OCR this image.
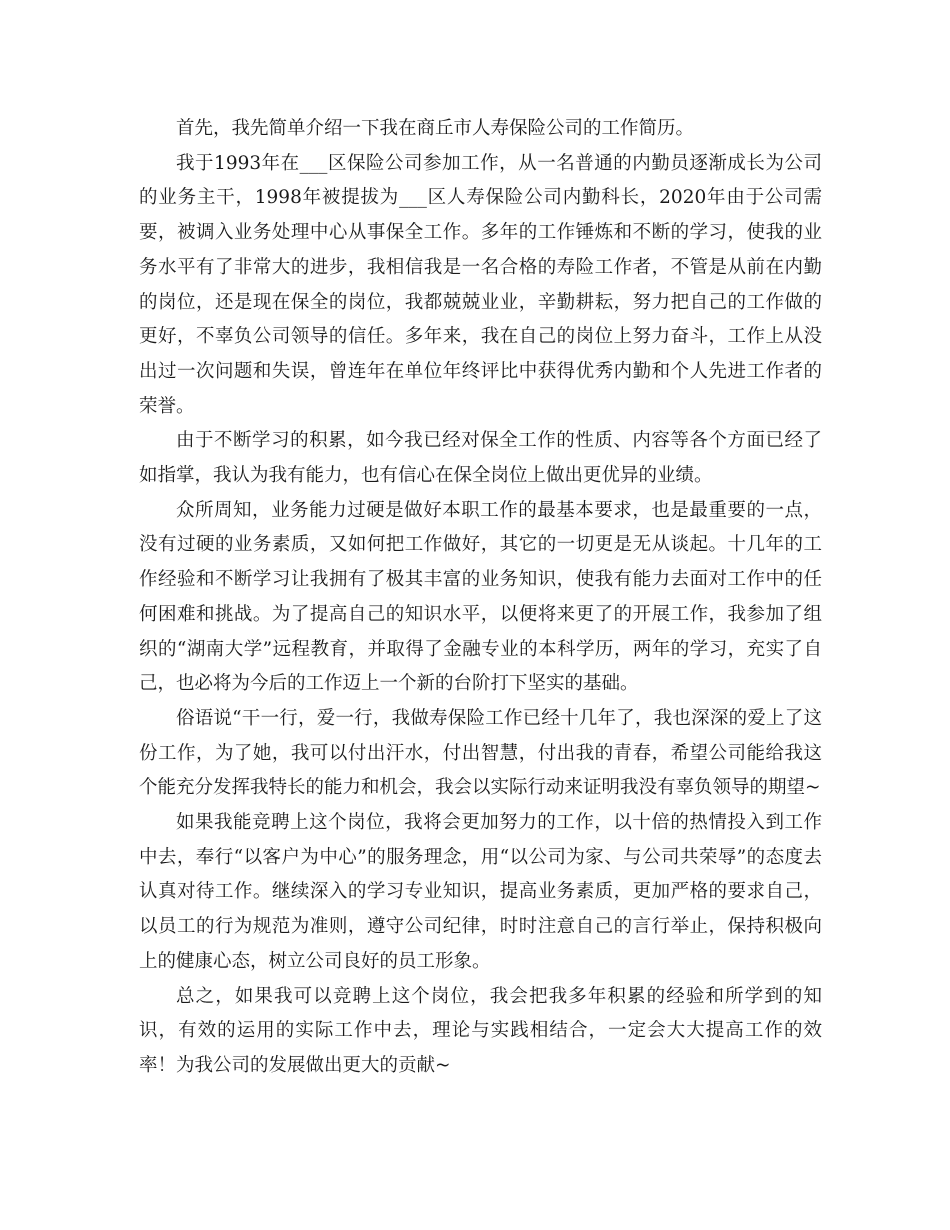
首先，我先简单介绍一下我在商丘市人寿保险公司的工作简历。

我于1993年在___区保险公司参加工作，从一名普通的内勤员逐渐成长为公司的业务主干，1998年被提拔为___区人寿保险公司内勤科长，2020年由于公司需要，被调入业务处理中心从事保全工作。多年的工作锤炼和不断的学习，使我的业务水平有了非常大的进步，我相信我是一名合格的寿险工作者，不管是从前在内勤的岗位，还是现在保全的岗位，我都兢兢业业，辛勤耕耘，努力把自己的工作做的更好，不辜负公司领导的信任。多年来，我在自己的岗位上努力奋斗，工作上从没出过一次问题和失误，曾连年在单位年终评比中获得优秀内勤和个人先进工作者的荣誉。

由于不断学习的积累，如今我已经对保全工作的性质、内容等各个方面已经了如指掌，我认为我有能力，也有信心在保全岗位上做出更优异的业绩。

众所周知，业务能力过硬是做好本职工作的最基本要求，也是最重要的一点，没有过硬的业务素质，又如何把工作做好，其它的一切更是无从谈起。十几年的工作经验和不断学习让我拥有了极其丰富的业务知识，使我有能力去面对工作中的任何困难和挑战。为了提高自己的知识水平，以便将来更了的开展工作，我参加了组织的“湖南大学”远程教育，并取得了金融专业的本科学历，两年的学习，充实了自己，也必将为今后的工作迈上一个新的台阶打下坚实的基础。

俗语说“干一行，爱一行，我做寿保险工作已经十几年了，我也深深的爱上了这份工作，为了她，我可以付出汗水，付出智慧，付出我的青春，希望公司能给我这个能充分发挥我特长的能力和机会，我会以实际行动来证明我没有辜负领导的期望~

如果我能竞聘上这个岗位，我将会更加努力的工作，以十倍的热情投入到工作中去，奉行“以客户为中心”的服务理念，用“以公司为家、与公司共荣辱”的态度去认真对待工作。继续深入的学习专业知识，提高业务素质，更加严格的要求自己，以员工的行为规范为准则，遵守公司纪律，时时注意自己的言行举止，保持积极向上的健康心态，树立公司良好的员工形象。

总之，如果我可以竞聘上这个岗位，我会把我多年积累的经验和所学到的知识，有效的运用的实际工作中去，理论与实践相结合，一定会大大提高工作的效率！为我公司的发展做出更大的贡献~
